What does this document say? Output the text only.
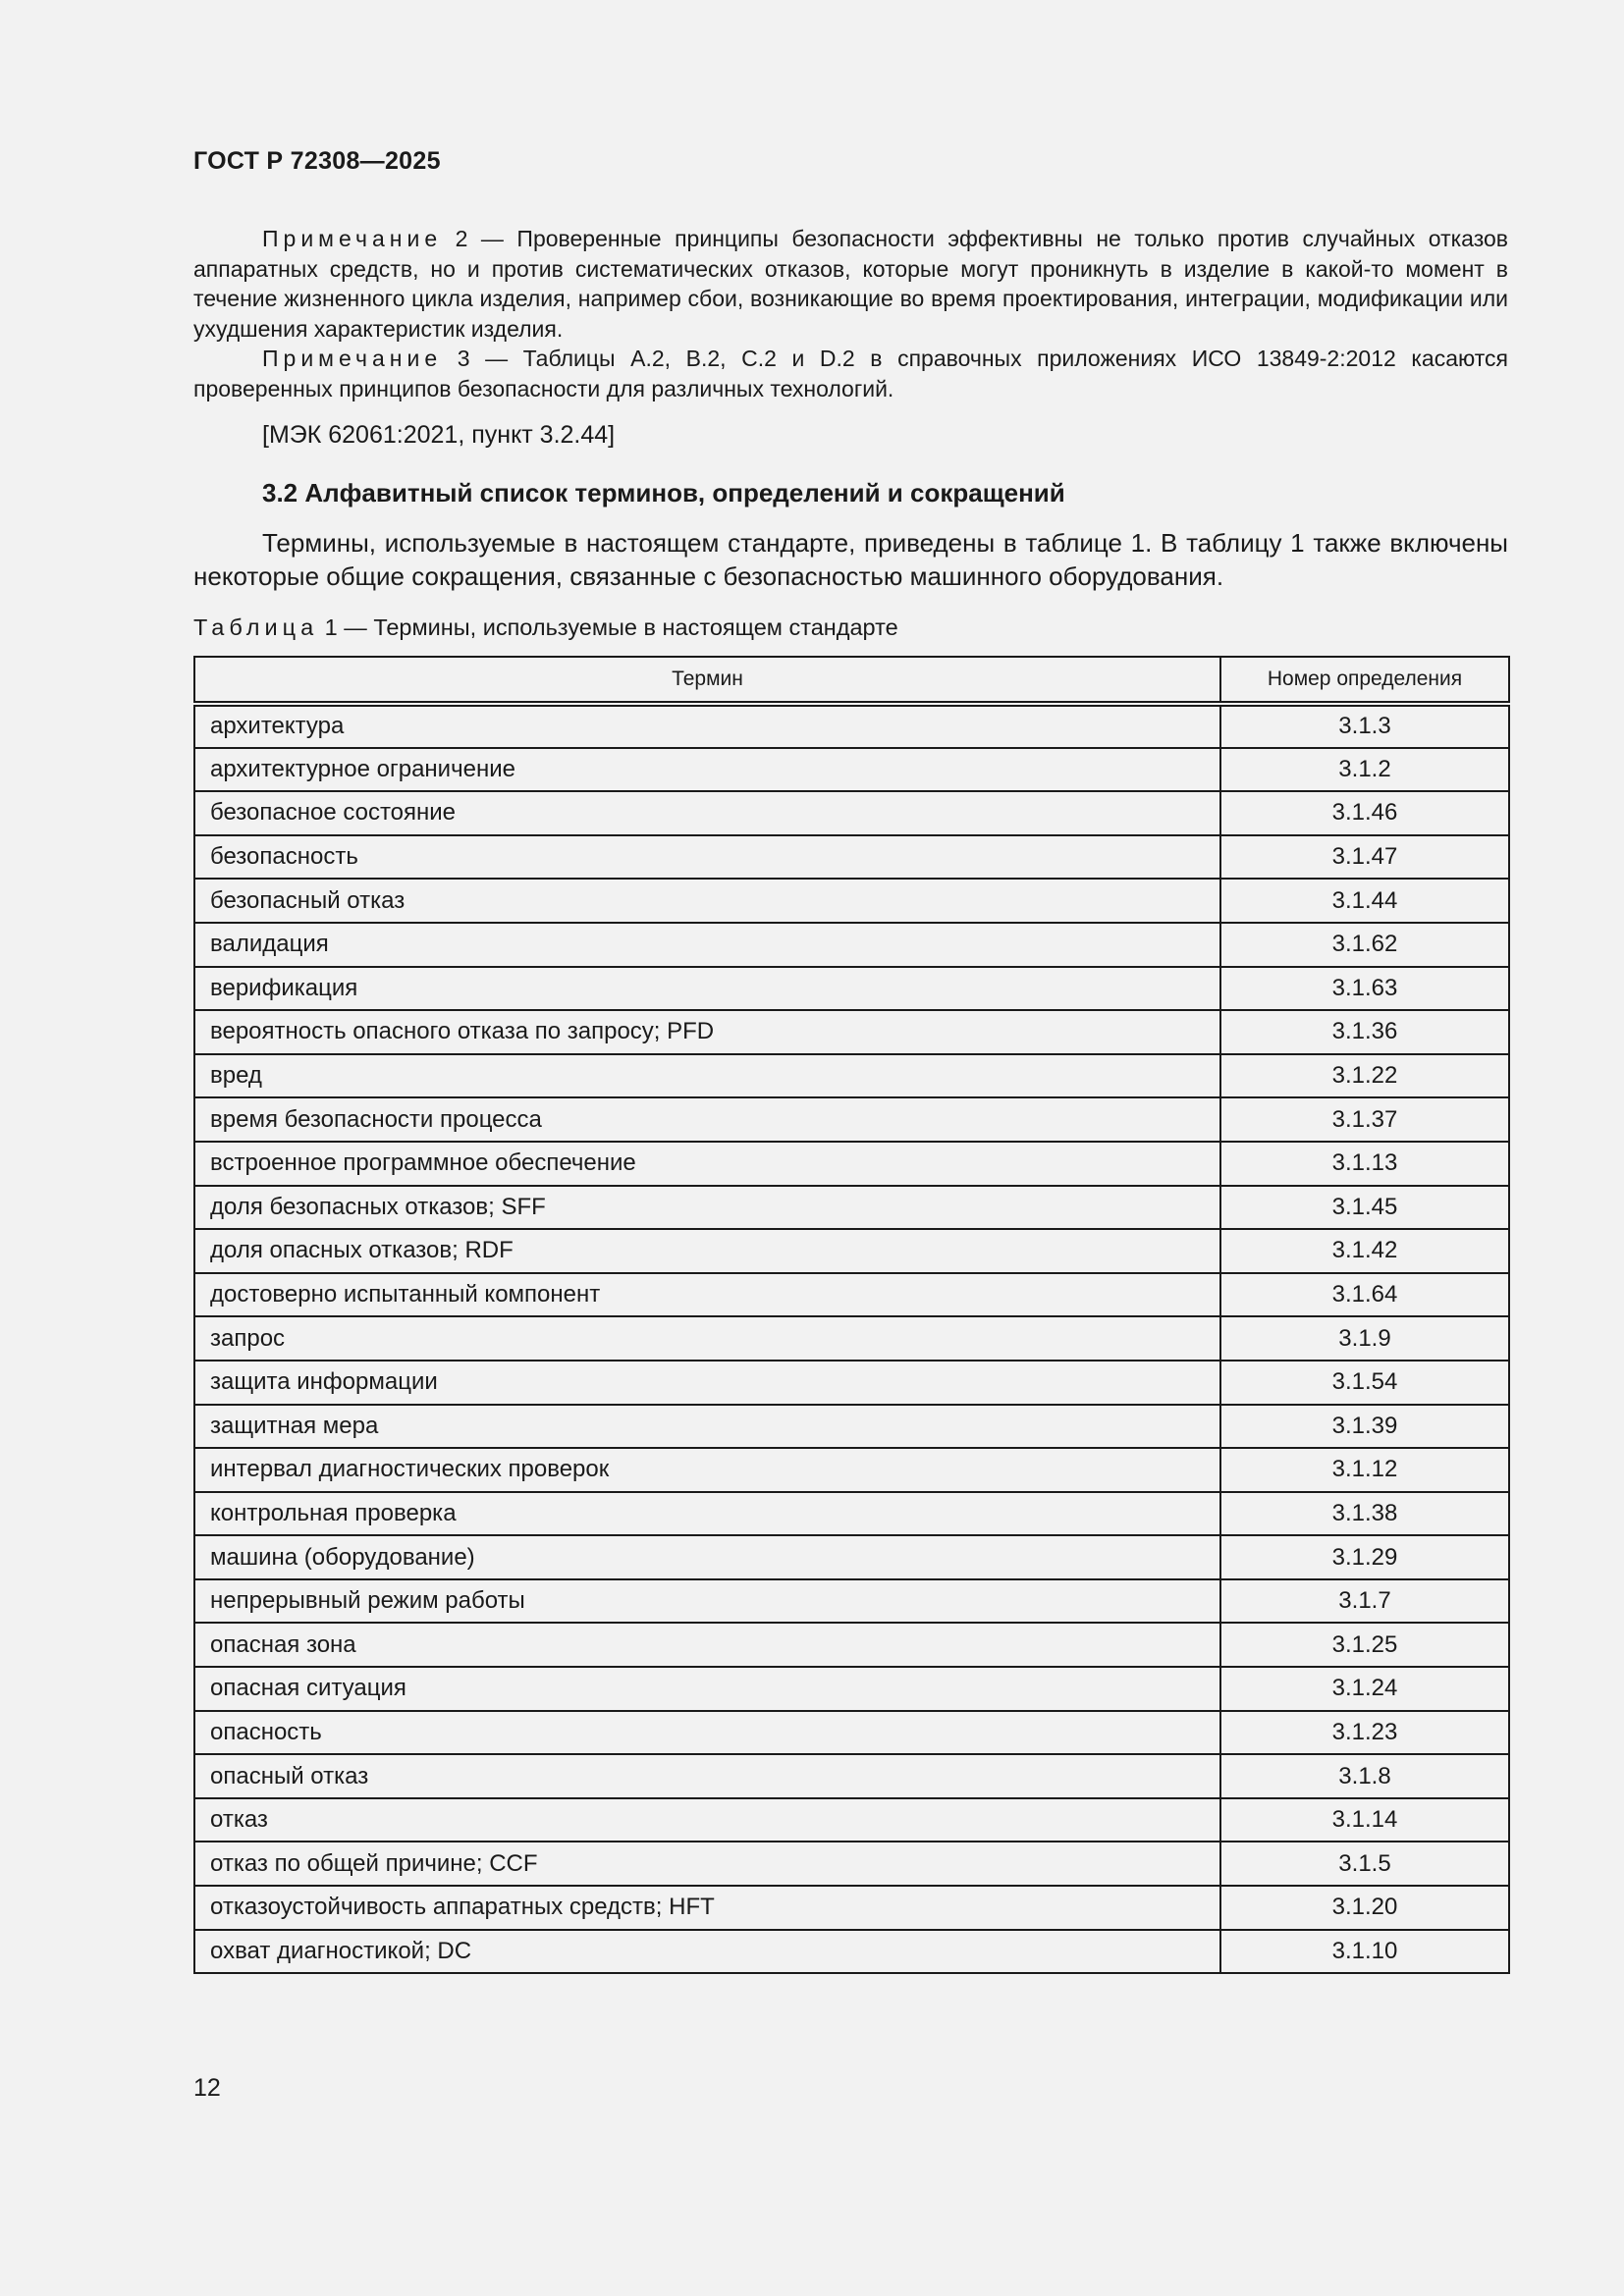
ГОСТ Р 72308—2025

Примечание 2 — Проверенные принципы безопасности эффективны не только против случайных отказов аппаратных средств, но и против систематических отказов, которые могут проникнуть в изделие в какой-то момент в течение жизненного цикла изделия, например сбои, возникающие во время проектирования, интеграции, модификации или ухудшения характеристик изделия.

Примечание 3 — Таблицы A.2, B.2, C.2 и D.2 в справочных приложениях ИСО 13849-2:2012 касаются проверенных принципов безопасности для различных технологий.

[МЭК 62061:2021, пункт 3.2.44]
3.2 Алфавитный список терминов, определений и сокращений

Термины, используемые в настоящем стандарте, приведены в таблице 1. В таблицу 1 также включены некоторые общие сокращения, связанные с безопасностью машинного оборудования.

Таблица 1 — Термины, используемые в настоящем стандарте
Термин	Номер определения
архитектура	3.1.3
архитектурное ограничение	3.1.2
безопасное состояние	3.1.46
безопасность	3.1.47
безопасный отказ	3.1.44
валидация	3.1.62
верификация	3.1.63
вероятность опасного отказа по запросу; PFD	3.1.36
вред	3.1.22
время безопасности процесса	3.1.37
встроенное программное обеспечение	3.1.13
доля безопасных отказов; SFF	3.1.45
доля опасных отказов; RDF	3.1.42
достоверно испытанный компонент	3.1.64
запрос	3.1.9
защита информации	3.1.54
защитная мера	3.1.39
интервал диагностических проверок	3.1.12
контрольная проверка	3.1.38
машина (оборудование)	3.1.29
непрерывный режим работы	3.1.7
опасная зона	3.1.25
опасная ситуация	3.1.24
опасность	3.1.23
опасный отказ	3.1.8
отказ	3.1.14
отказ по общей причине; CCF	3.1.5
отказоустойчивость аппаратных средств; HFT	3.1.20
охват диагностикой; DC	3.1.10
12
